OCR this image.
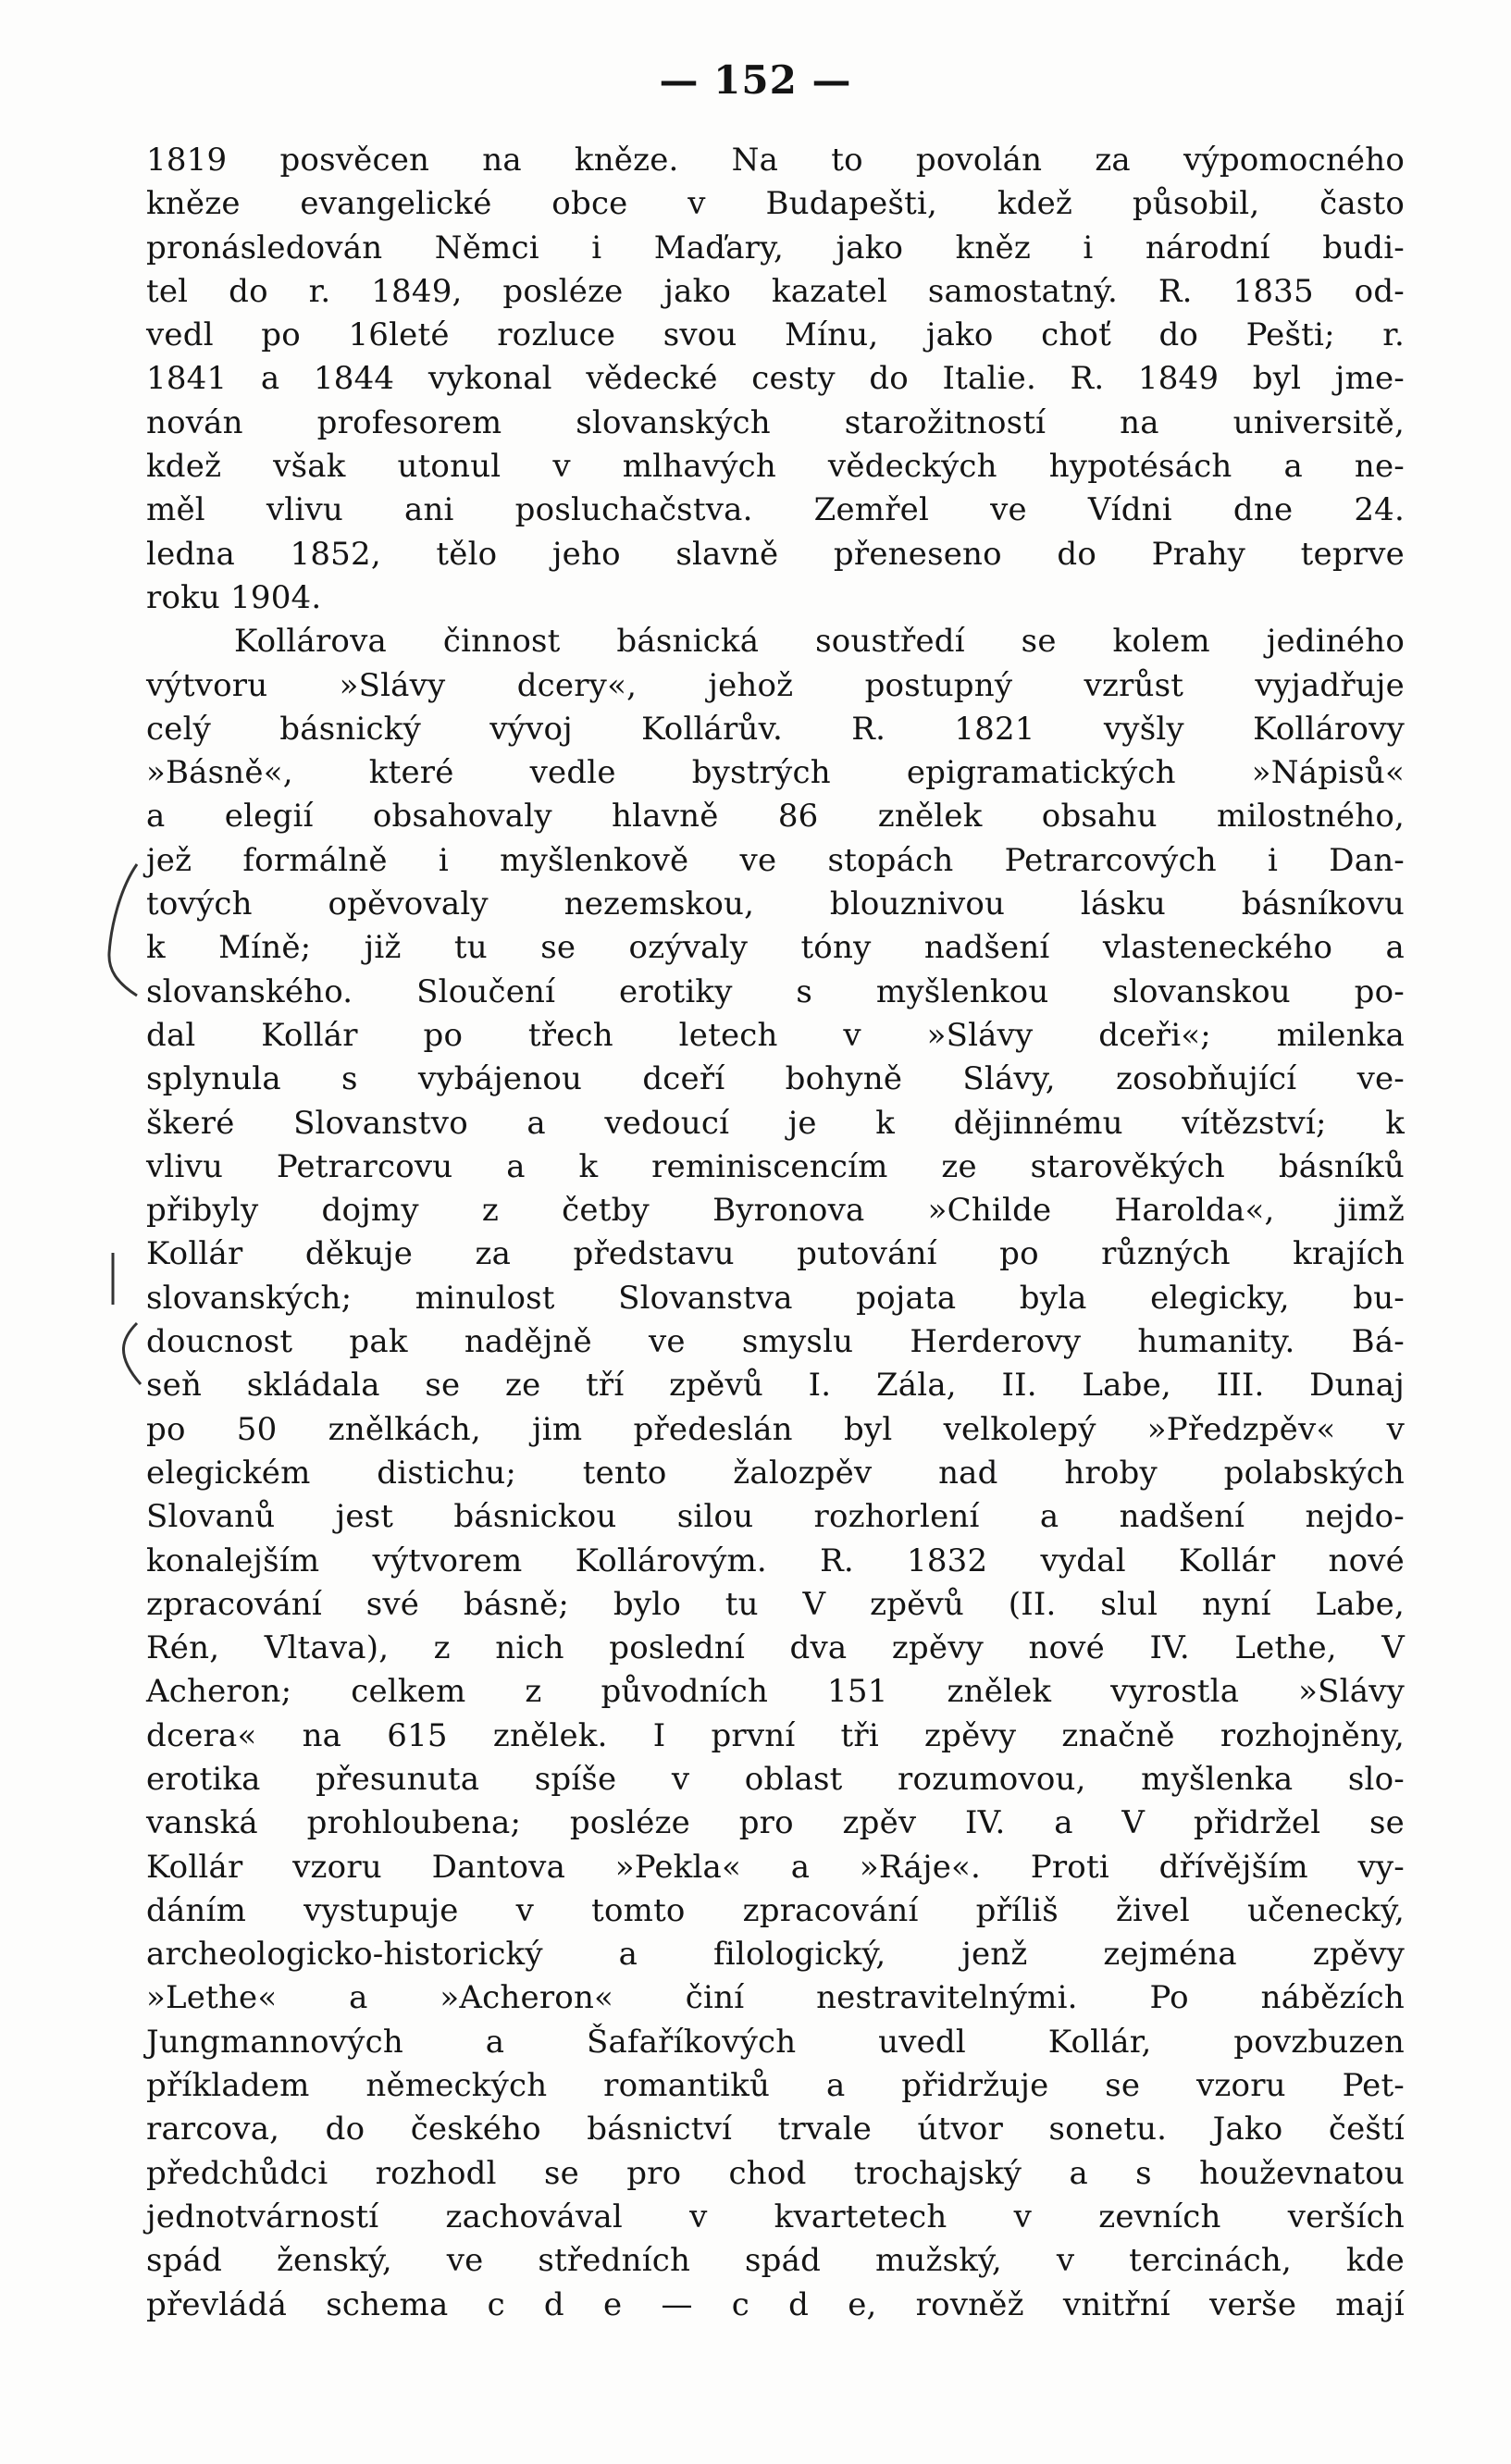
— 152 —
1819 posvěcen na kněze. Na to povolán za výpomocného
kněze evangelické obce v Budapešti, kdež působil, často
pronásledován Němci i Maďary, jako kněz i národní budi-
tel do r. 1849, posléze jako kazatel samostatný. R. 1835 od-
vedl po 16leté rozluce svou Mínu, jako choť do Pešti; r.
1841 a 1844 vykonal vědecké cesty do Italie. R. 1849 byl jme-
nován profesorem slovanských starožitností na universitě,
kdež však utonul v mlhavých vědeckých hypotésách a ne-
měl vlivu ani posluchačstva. Zemřel ve Vídni dne 24.
ledna 1852, tělo jeho slavně přeneseno do Prahy teprve
roku 1904.
Kollárova činnost básnická soustředí se kolem jediného
výtvoru »Slávy dcery«, jehož postupný vzrůst vyjadřuje
celý básnický vývoj Kollárův. R. 1821 vyšly Kollárovy
»Básně«, které vedle bystrých epigramatických »Nápisů«
a elegií obsahovaly hlavně 86 znělek obsahu milostného,
jež formálně i myšlenkově ve stopách Petrarcových i Dan-
tových opěvovaly nezemskou, blouznivou lásku básníkovu
k Míně; již tu se ozývaly tóny nadšení vlasteneckého a
slovanského. Sloučení erotiky s myšlenkou slovanskou po-
dal Kollár po třech letech v »Slávy dceři«; milenka
splynula s vybájenou dceří bohyně Slávy, zosobňující ve-
škeré Slovanstvo a vedoucí je k dějinnému vítězství; k
vlivu Petrarcovu a k reminiscencím ze starověkých básníků
přibyly dojmy z četby Byronova »Childe Harolda«, jimž
Kollár děkuje za představu putování po různých krajích
slovanských; minulost Slovanstva pojata byla elegicky, bu-
doucnost pak nadějně ve smyslu Herderovy humanity. Bá-
seň skládala se ze tří zpěvů I. Zála, II. Labe, III. Dunaj
po 50 znělkách, jim předeslán byl velkolepý »Předzpěv« v
elegickém distichu; tento žalozpěv nad hroby polabských
Slovanů jest básnickou silou rozhorlení a nadšení nejdo-
konalejším výtvorem Kollárovým. R. 1832 vydal Kollár nové
zpracování své básně; bylo tu V zpěvů (II. slul nyní Labe,
Rén, Vltava), z nich poslední dva zpěvy nové IV. Lethe, V
Acheron; celkem z původních 151 znělek vyrostla »Slávy
dcera« na 615 znělek. I první tři zpěvy značně rozhojněny,
erotika přesunuta spíše v oblast rozumovou, myšlenka slo-
vanská prohloubena; posléze pro zpěv IV. a V přidržel se
Kollár vzoru Dantova »Pekla« a »Ráje«. Proti dřívějším vy-
dáním vystupuje v tomto zpracování příliš živel učenecký,
archeologicko-historický a filologický, jenž zejména zpěvy
»Lethe« a »Acheron« činí nestravitelnými. Po nábězích
Jungmannových a Šafaříkových uvedl Kollár, povzbuzen
příkladem německých romantiků a přidržuje se vzoru Pet-
rarcova, do českého básnictví trvale útvor sonetu. Jako čeští
předchůdci rozhodl se pro chod trochajský a s houževnatou
jednotvárností zachovával v kvartetech v zevních verších
spád ženský, ve středních spád mužský, v tercinách, kde
převládá schema c d e — c d e, rovněž vnitřní verše mají
